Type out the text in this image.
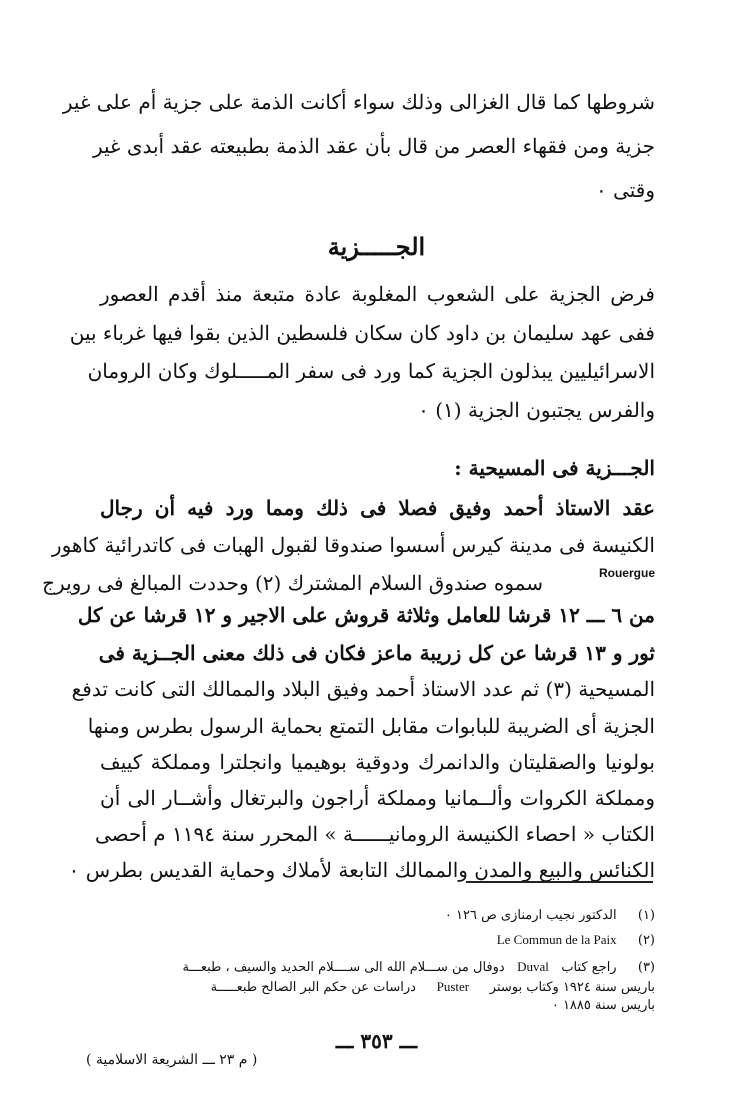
شروطها كما قال الغزالى وذلك سواء أكانت الذمة على جزية أم على غير
جزية ومن فقهاء العصر من قال بأن عقد الذمة بطبيعته عقد أبدى غير
وقتى ٠
الجـــــزية
فرض الجزية على الشعوب المغلوبة عادة متبعة منذ أقدم العصور
ففى عهد سليمان بن داود كان سكان فلسطين الذين بقوا فيها غرباء بين
الاسرائيليين يبذلون الجزية كما ورد فى سفر المـــــلوك وكان الرومان
والفرس يجتبون الجزية (١) ٠
الجـــزية فى المسيحية :
عقد الاستاذ أحمد وفيق فصلا فى ذلك ومما ورد فيه أن رجال
الكنيسة فى مدينة كيرس أسسوا صندوقا لقبول الهبات فى كاتدرائية كاهور
Rouergue
سموه صندوق السلام المشترك (٢) وحددت المبالغ فى رويرج
من ٦ ـــ ١٢ قرشا للعامل وثلاثة قروش على الاجير و ١٢ قرشا عن كل
ثور و ١٣ قرشا عن كل زريبة ماعز فكان فى ذلك معنى الجــزية فى
المسيحية (٣) ثم عدد الاستاذ أحمد وفيق البلاد والممالك التى كانت تدفع
الجزية أى الضريبة للبابوات مقابل التمتع بحماية الرسول بطرس ومنها
بولونيا والصقليتان والدانمرك ودوقية بوهيميا وانجلترا ومملكة كييف
ومملكة الكروات وألــمانيا ومملكة أراجون والبرتغال وأشــار الى أن
الكتاب « احصاء الكنيسة الرومانيــــــة » المحرر سنة ١١٩٤ م أحصى
الكنائس والبيع والمدن والممالك التابعة لأملاك وحماية القديس بطرس ٠
(١)   الدكتور نجيب ارمنازى ص ١٢٦ ٠
(٢)   Le Commun de la Paix
(٣)   راجع كتاب   Duval   دوفال من ســـلام الله الى ســــلام الحديد والسيف ، طبعـــة
باريس سنة ١٩٢٤ وكتاب بوستر     Puster     دراسات عن حكم البر الصالح طبعـــــة
باريس سنة ١٨٨٥ ٠
ـــ ٣٥٣ ـــ
( م ٢٣ ـــ الشريعة الاسلامية )
